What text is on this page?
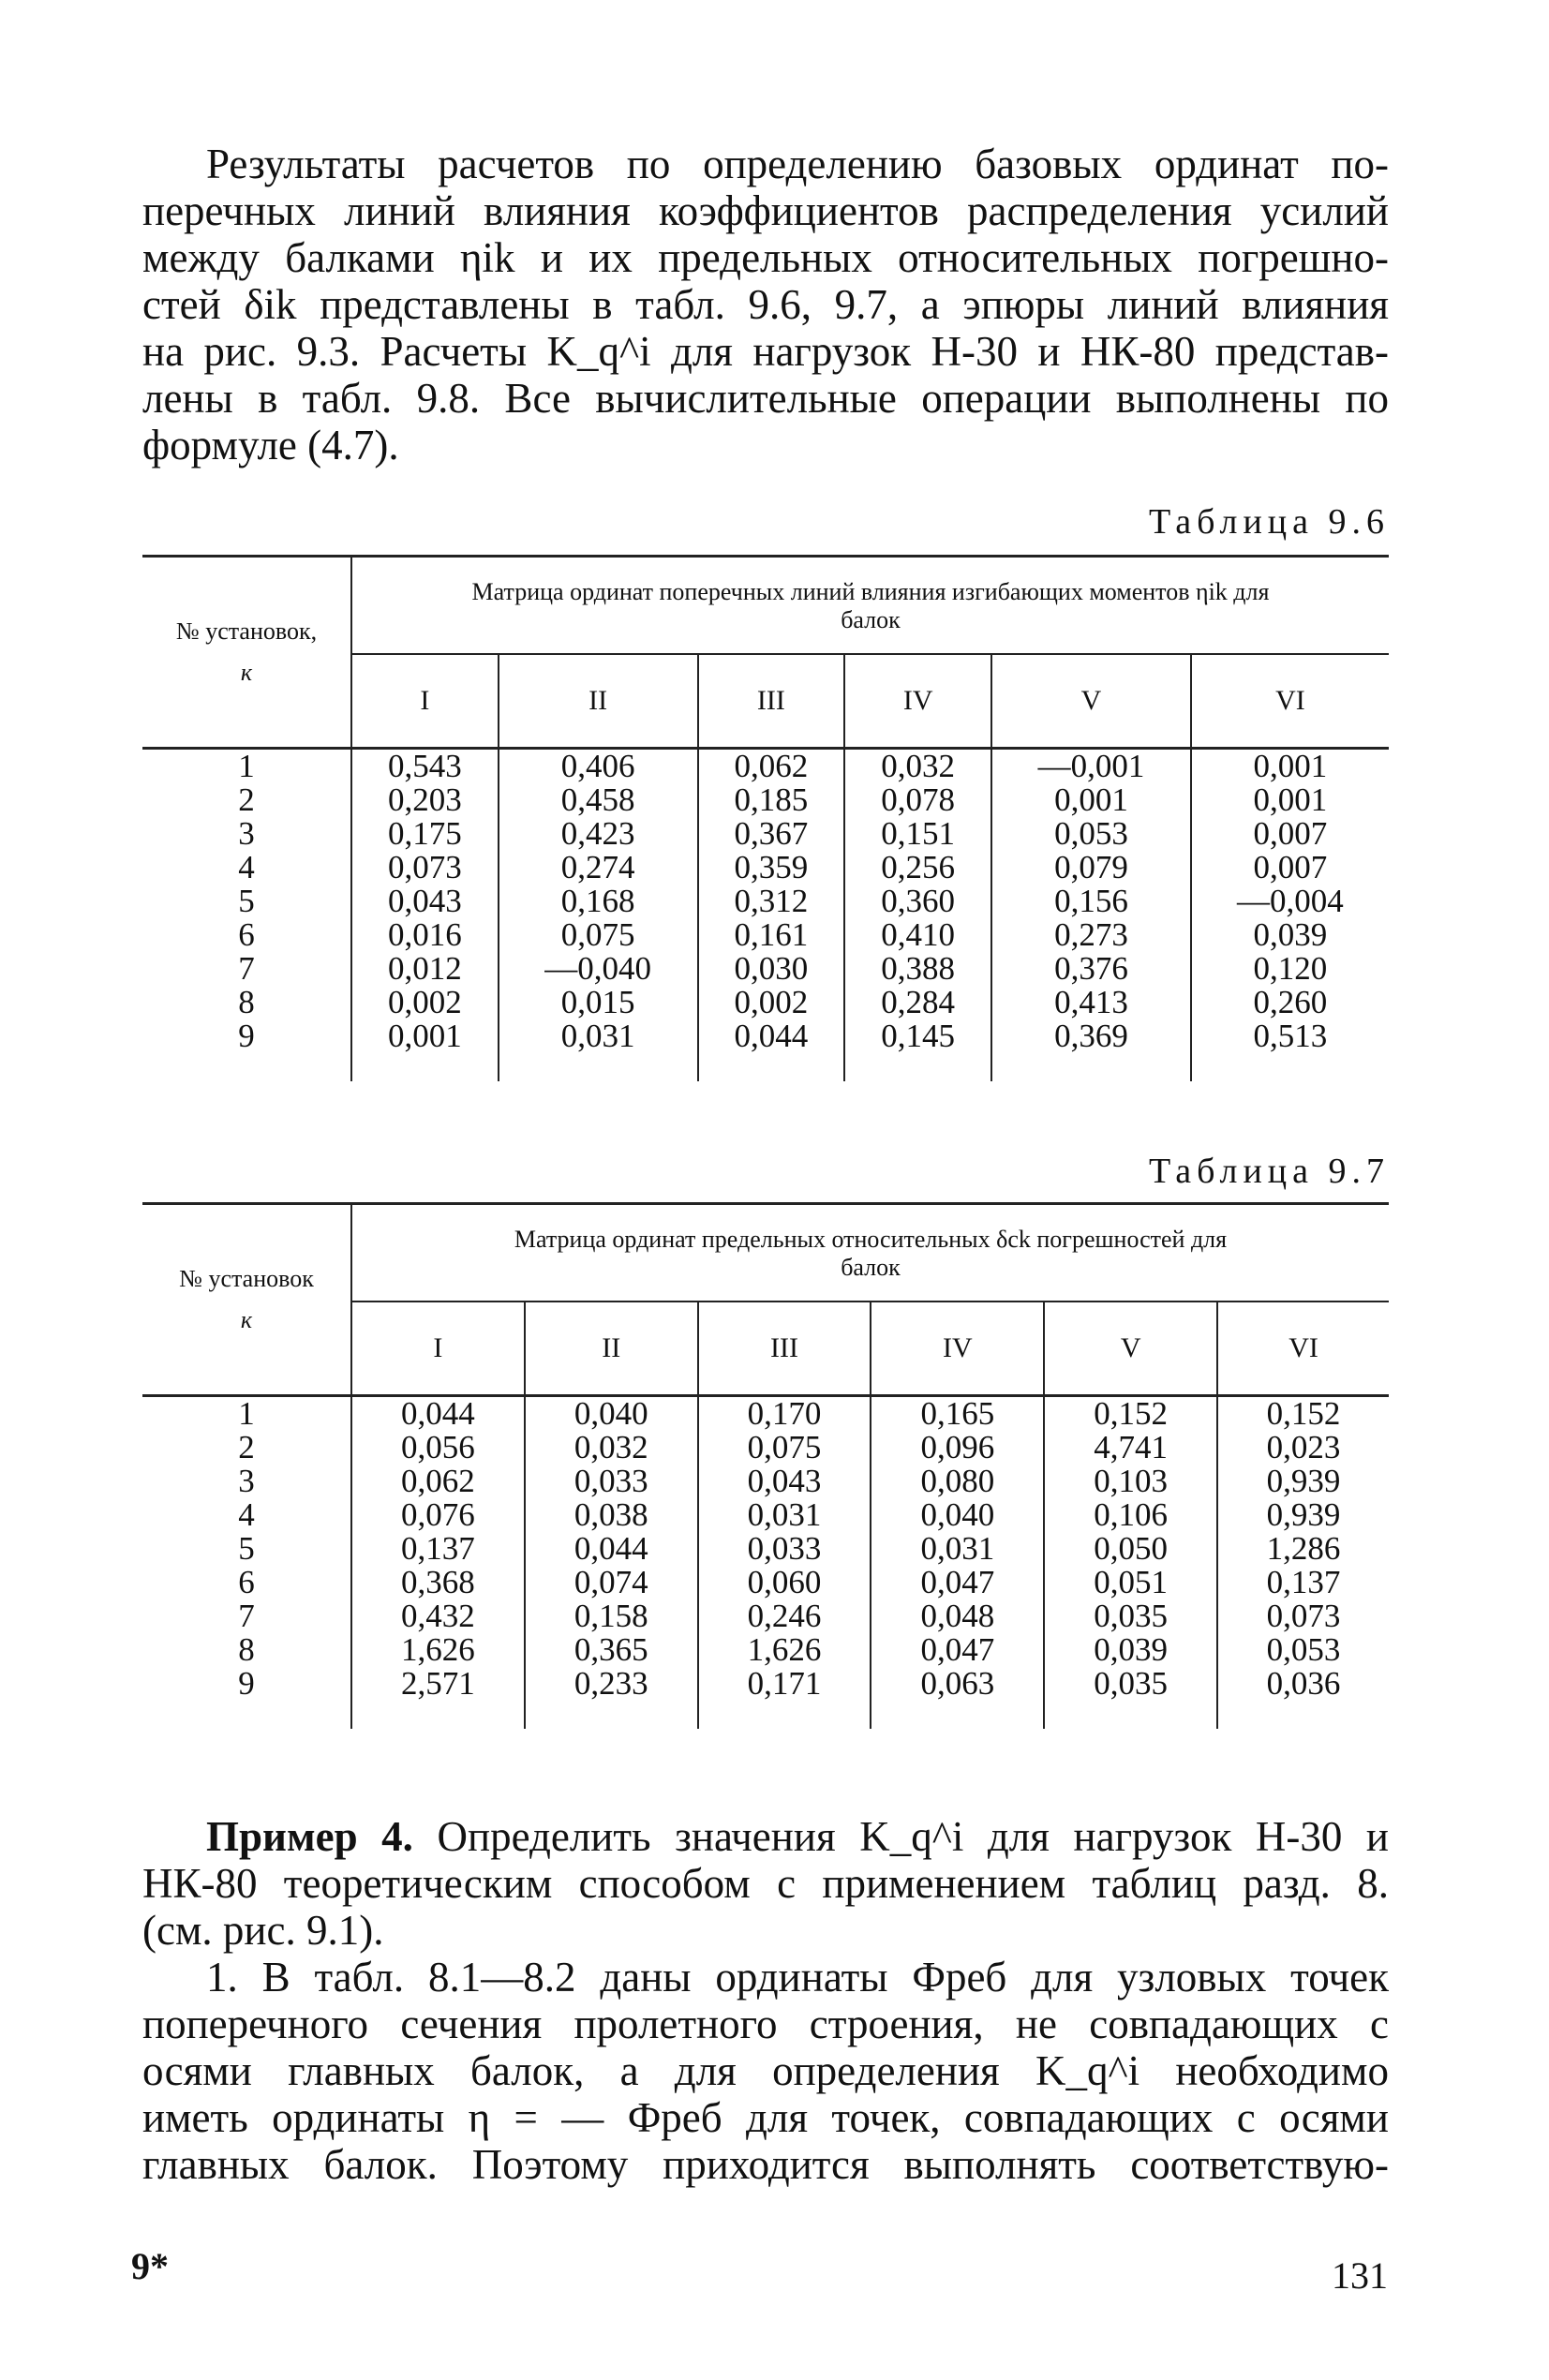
Результаты расчетов по определению базовых ординат по-
перечных линий влияния коэффициентов распределения усилий
между балками ηik и их предельных относительных погрешно-
стей δik представлены в табл. 9.6, 9.7, а эпюры линий влияния
на рис. 9.3. Расчеты K_q^i для нагрузок Н-30 и НК-80 представ-
лены в табл. 9.8. Все вычислительные операции выполнены по
формуле (4.7).
Таблица 9.6
№ установок,
к	Матрица ординат поперечных линий влияния изгибающих моментов ηik для балок					
	I	II	III	IV	V	VI
1	0,543	0,406	0,062	0,032	—0,001	0,001
2	0,203	0,458	0,185	0,078	0,001	0,001
3	0,175	0,423	0,367	0,151	0,053	0,007
4	0,073	0,274	0,359	0,256	0,079	0,007
5	0,043	0,168	0,312	0,360	0,156	—0,004
6	0,016	0,075	0,161	0,410	0,273	0,039
7	0,012	—0,040	0,030	0,388	0,376	0,120
8	0,002	0,015	0,002	0,284	0,413	0,260
9	0,001	0,031	0,044	0,145	0,369	0,513
Таблица 9.7
№ установок
к	Матрица ординат предельных относительных δck погрешностей для балок					
	I	II	III	IV	V	VI
1	0,044	0,040	0,170	0,165	0,152	0,152
2	0,056	0,032	0,075	0,096	4,741	0,023
3	0,062	0,033	0,043	0,080	0,103	0,939
4	0,076	0,038	0,031	0,040	0,106	0,939
5	0,137	0,044	0,033	0,031	0,050	1,286
6	0,368	0,074	0,060	0,047	0,051	0,137
7	0,432	0,158	0,246	0,048	0,035	0,073
8	1,626	0,365	1,626	0,047	0,039	0,053
9	2,571	0,233	0,171	0,063	0,035	0,036
Пример 4. Определить значения K_q^i для нагрузок Н-30 и
НК-80 теоретическим способом с применением таблиц разд. 8.
(см. рис. 9.1).
1. В табл. 8.1—8.2 даны ординаты Фреб для узловых точек
поперечного сечения пролетного строения, не совпадающих с
осями главных балок, а для определения K_q^i необходимо
иметь ординаты η = — Фреб для точек, совпадающих с осями
главных балок. Поэтому приходится выполнять соответствую-
9*	131
